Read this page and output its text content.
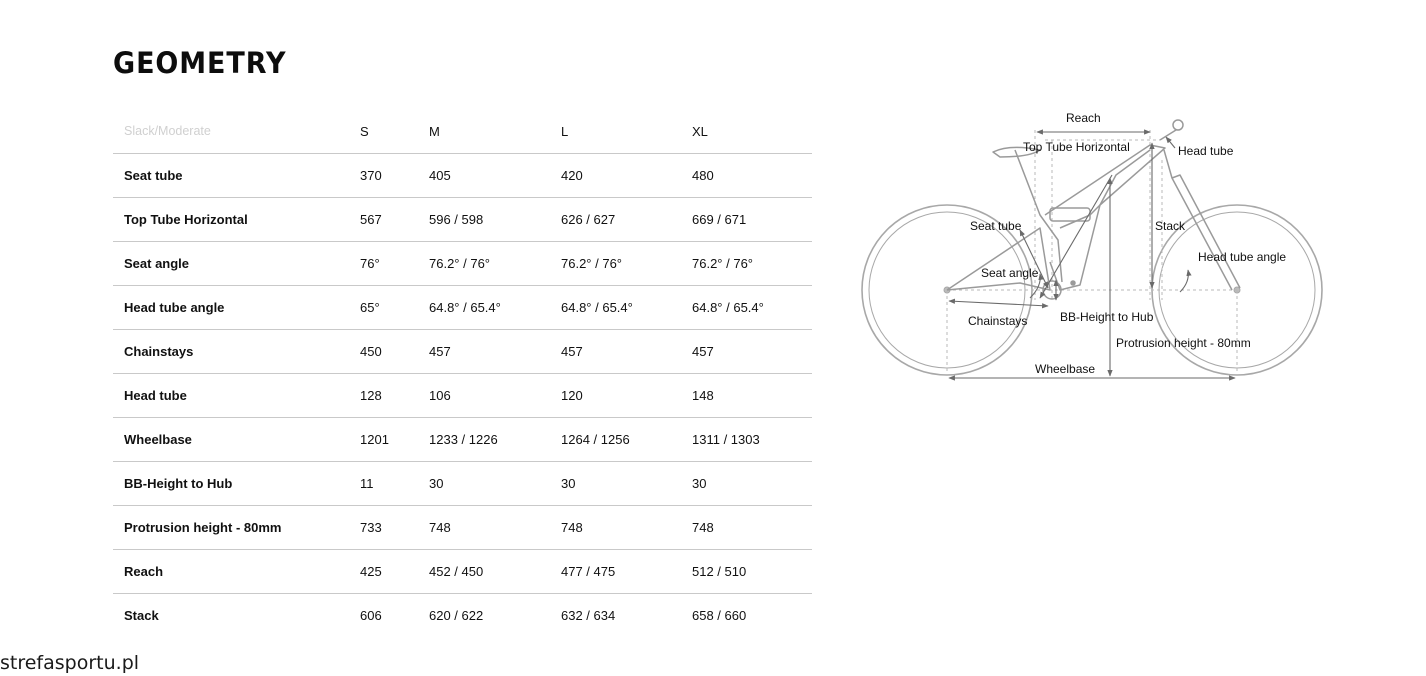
GEOMETRY
Slack/Moderate	S	M	L	XL
Seat tube	370	405	420	480
Top Tube Horizontal	567	596 / 598	626 / 627	669 / 671
Seat angle	76°	76.2° / 76°	76.2° / 76°	76.2° / 76°
Head tube angle	65°	64.8° / 65.4°	64.8° / 65.4°	64.8° / 65.4°
Chainstays	450	457	457	457
Head tube	128	106	120	148
Wheelbase	1201	1233 / 1226	1264 / 1256	1311 / 1303
BB-Height to Hub	11	30	30	30
Protrusion height - 80mm	733	748	748	748
Reach	425	452 / 450	477 / 475	512 / 510
Stack	606	620 / 622	632 / 634	658 / 660
Reach
Top Tube Horizontal	Head tube
Seat tube	Stack
Head tube angle
Seat angle
BB-Height to Hub
Chainstays
Protrusion height - 80mm
Wheelbase
strefasportu.pl
